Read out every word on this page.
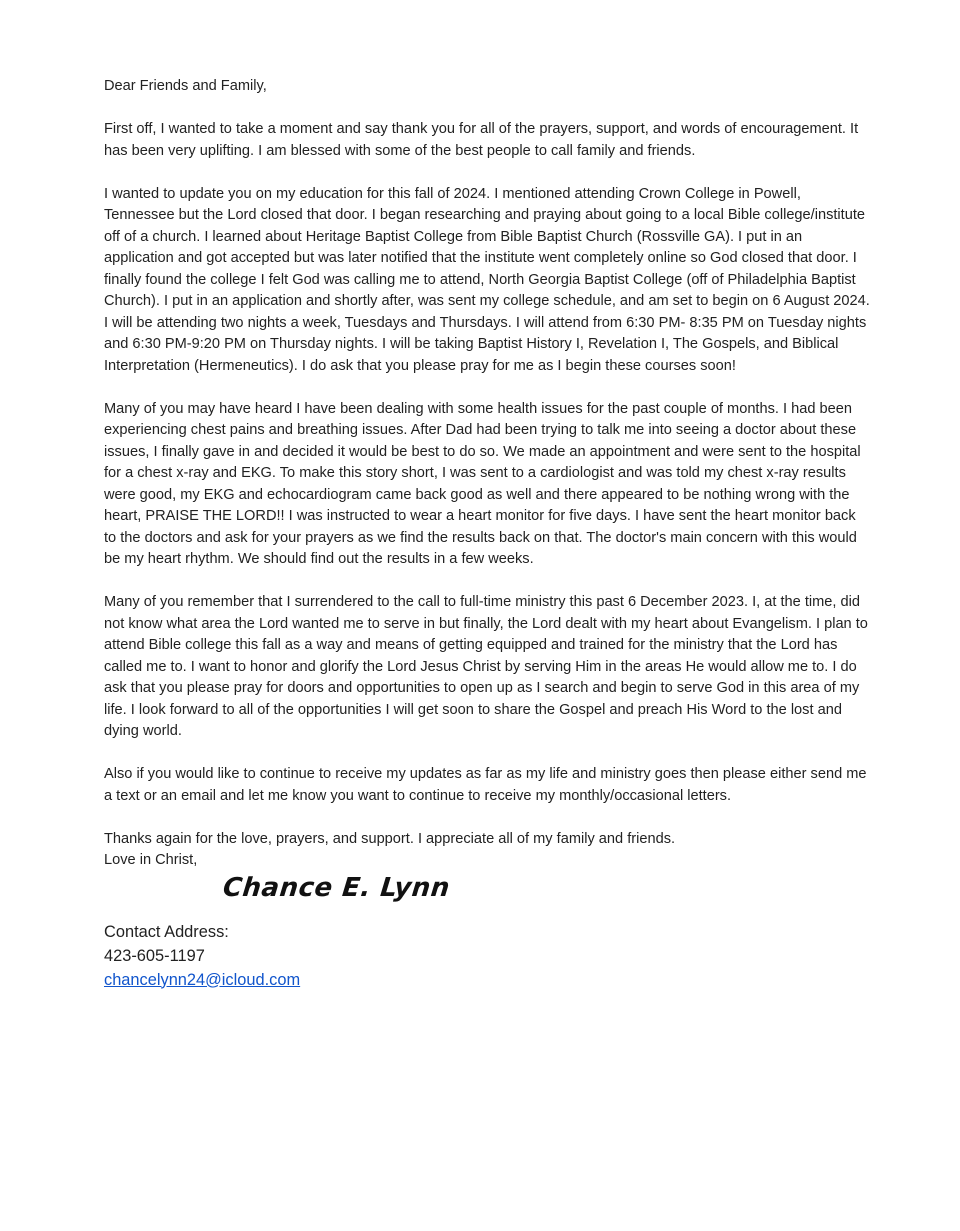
Dear Friends and Family,

First off, I wanted to take a moment and say thank you for all of the prayers, support, and words of encouragement. It has been very uplifting. I am blessed with some of the best people to call family and friends.

I wanted to update you on my education for this fall of 2024. I mentioned attending Crown College in Powell, Tennessee but the Lord closed that door. I began researching and praying about going to a local Bible college/institute off of a church. I learned about Heritage Baptist College from Bible Baptist Church (Rossville GA). I put in an application and got accepted but was later notified that the institute went completely online so God closed that door. I finally found the college I felt God was calling me to attend, North Georgia Baptist College (off of Philadelphia Baptist Church). I put in an application and shortly after, was sent my college schedule, and am set to begin on 6 August 2024. I will be attending two nights a week, Tuesdays and Thursdays. I will attend from 6:30 PM- 8:35 PM on Tuesday nights and 6:30 PM-9:20 PM on Thursday nights. I will be taking Baptist History I, Revelation I, The Gospels, and Biblical Interpretation (Hermeneutics). I do ask that you please pray for me as I begin these courses soon!

Many of you may have heard I have been dealing with some health issues for the past couple of months. I had been experiencing chest pains and breathing issues. After Dad had been trying to talk me into seeing a doctor about these issues, I finally gave in and decided it would be best to do so. We made an appointment and were sent to the hospital for a chest x-ray and EKG. To make this story short, I was sent to a cardiologist and was told my chest x-ray results were good, my EKG and echocardiogram came back good as well and there appeared to be nothing wrong with the heart, PRAISE THE LORD!! I was instructed to wear a heart monitor for five days. I have sent the heart monitor back to the doctors and ask for your prayers as we find the results back on that. The doctor's main concern with this would be my heart rhythm. We should find out the results in a few weeks.

Many of you remember that I surrendered to the call to full-time ministry this past 6 December 2023. I, at the time, did not know what area the Lord wanted me to serve in but finally, the Lord dealt with my heart about Evangelism. I plan to attend Bible college this fall as a way and means of getting equipped and trained for the ministry that the Lord has called me to. I want to honor and glorify the Lord Jesus Christ by serving Him in the areas He would allow me to. I do ask that you please pray for doors and opportunities to open up as I search and begin to serve God in this area of my life. I look forward to all of the opportunities I will get soon to share the Gospel and preach His Word to the lost and dying world.

Also if you would like to continue to receive my updates as far as my life and ministry goes then please either send me a text or an email and let me know you want to continue to receive my monthly/occasional letters.

Thanks again for the love, prayers, and support. I appreciate all of my family and friends.

Love in Christ,

Chance E. Lynn
Contact Address:
423-605-1197
chancelynn24@icloud.com
